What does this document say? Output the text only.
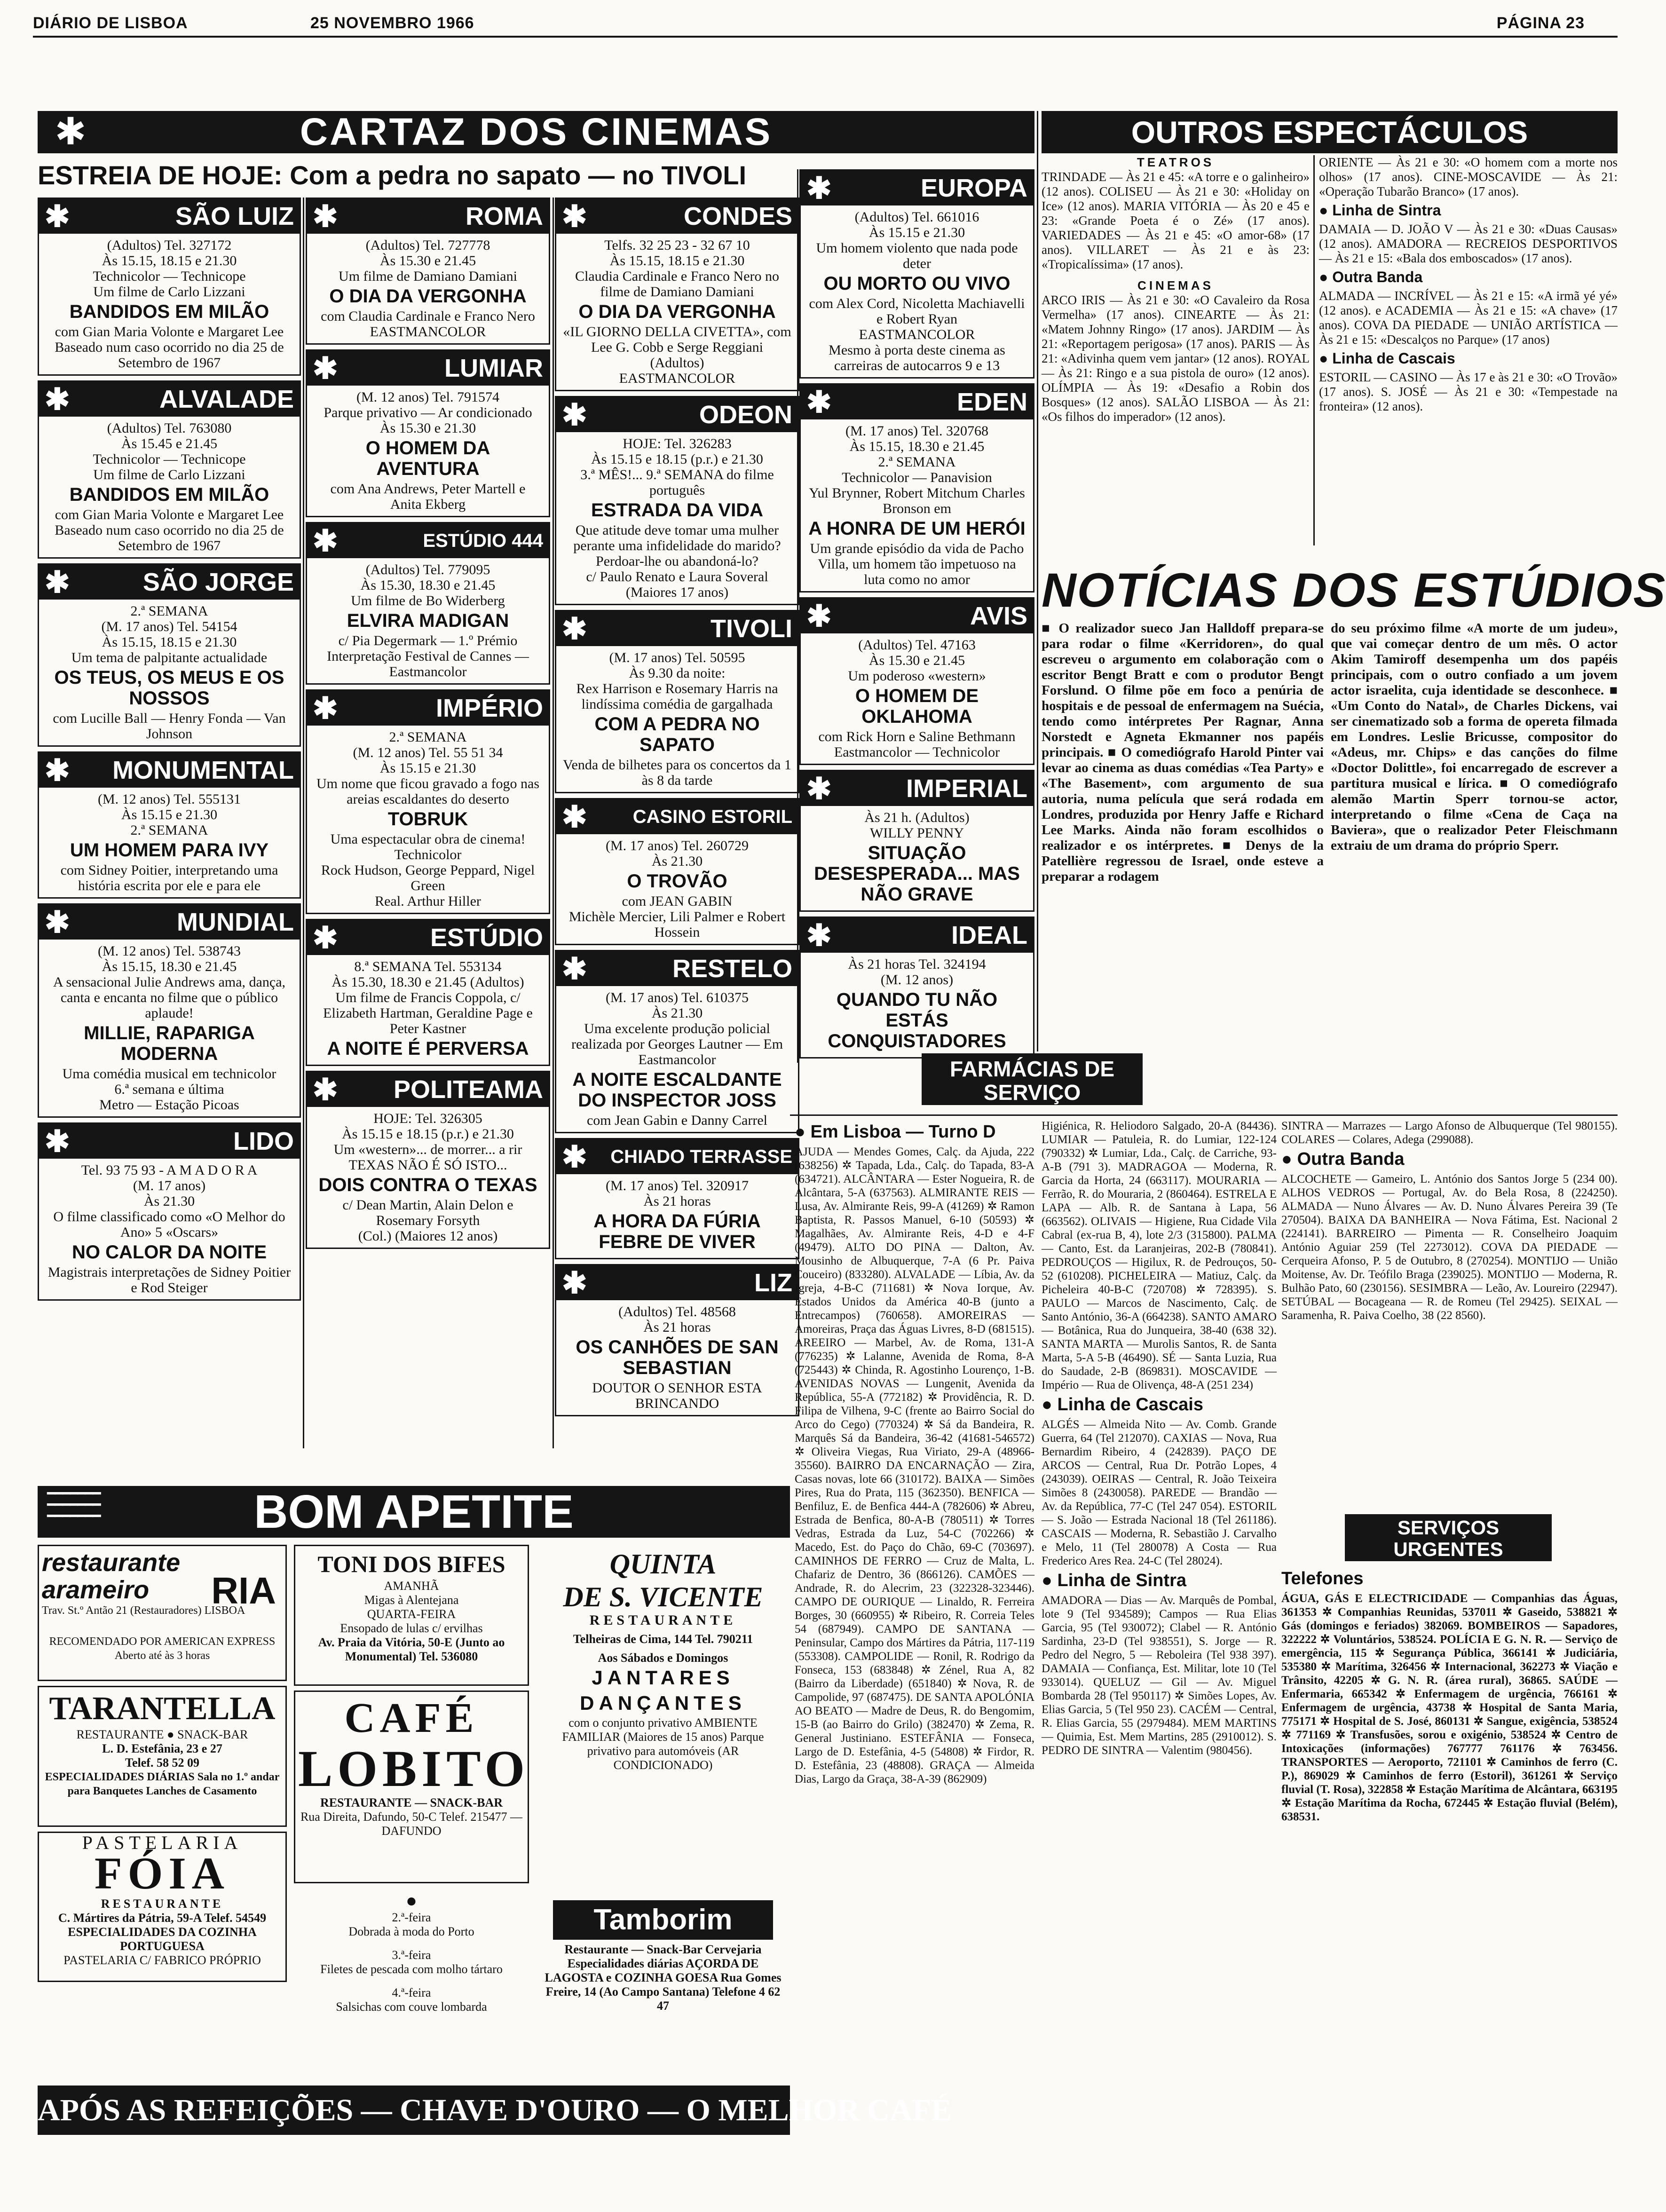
DIÁRIO DE LISBOA	25 NOVEMBRO 1966	PÁGINA 23
CARTAZ DOS CINEMAS
✱
ESTREIA DE HOJE: Com a pedra no sapato — no TIVOLI
✱	SÃO LUIZ
(Adultos) Tel. 327172
Às 15.15, 18.15 e 21.30
Technicolor — Technicope
Um filme de Carlo Lizzani
BANDIDOS EM MILÃO
com Gian Maria Volonte e Margaret Lee
Baseado num caso ocorrido no dia 25 de Setembro de 1967
✱	ALVALADE
(Adultos) Tel. 763080
Às 15.45 e 21.45
Technicolor — Technicope
Um filme de Carlo Lizzani
BANDIDOS EM MILÃO
com Gian Maria Volonte e Margaret Lee
Baseado num caso ocorrido no dia 25 de Setembro de 1967
✱	SÃO JORGE
2.ª SEMANA
(M. 17 anos) Tel. 54154
Às 15.15, 18.15 e 21.30
Um tema de palpitante actualidade
OS TEUS, OS MEUS E OS NOSSOS
com Lucille Ball — Henry Fonda — Van Johnson
✱ MONUMENTAL
(M. 12 anos) Tel. 555131
Às 15.15 e 21.30
2.ª SEMANA
UM HOMEM PARA IVY
com Sidney Poitier, interpretando uma história escrita por ele e para ele
✱	MUNDIAL
(M. 12 anos) Tel. 538743
Às 15.15, 18.30 e 21.45
A sensacional Julie Andrews ama, dança, canta e encanta no filme que o público aplaude!
MILLIE, RAPARIGA MODERNA
Uma comédia musical em technicolor
6.ª semana e última
Metro — Estação Picoas
✱	LIDO
Tel. 93 75 93 - A M A D O R A
(M. 17 anos)
Às 21.30
O filme classificado como «O Melhor do Ano» 5 «Oscars»
NO CALOR DA NOITE
Magistrais interpretações de Sidney Poitier e Rod Steiger
✱	ROMA
(Adultos) Tel. 727778
Às 15.30 e 21.45
Um filme de Damiano Damiani
O DIA DA VERGONHA
com Claudia Cardinale e Franco Nero
EASTMANCOLOR
✱	LUMIAR
(M. 12 anos) Tel. 791574
Parque privativo — Ar condicionado
Às 15.30 e 21.30
O HOMEM DA AVENTURA
com Ana Andrews, Peter Martell e Anita Ekberg
✱	ESTÚDIO 444
(Adultos) Tel. 779095
Às 15.30, 18.30 e 21.45
Um filme de Bo Widerberg
ELVIRA MADIGAN
c/ Pia Degermark — 1.º Prémio Interpretação Festival de Cannes — Eastmancolor
✱	IMPÉRIO
2.ª SEMANA
(M. 12 anos) Tel. 55 51 34
Às 15.15 e 21.30
Um nome que ficou gravado a fogo nas areias escaldantes do deserto
TOBRUK
Uma espectacular obra de cinema! Technicolor
Rock Hudson, George Peppard, Nigel Green
Real. Arthur Hiller
✱	ESTÚDIO
8.ª SEMANA Tel. 553134
Às 15.30, 18.30 e 21.45 (Adultos)
Um filme de Francis Coppola, c/ Elizabeth Hartman, Geraldine Page e Peter Kastner
A NOITE É PERVERSA
✱ POLITEAMA
HOJE: Tel. 326305
Às 15.15 e 18.15 (p.r.) e 21.30
Um «western»... de morrer... a rir
TEXAS NÃO É SÓ ISTO...
DOIS CONTRA O TEXAS
c/ Dean Martin, Alain Delon e Rosemary Forsyth
(Col.) (Maiores 12 anos)
✱	CONDES
Telfs. 32 25 23 - 32 67 10
Às 15.15, 18.15 e 21.30
Claudia Cardinale e Franco Nero no filme de Damiano Damiani
O DIA DA VERGONHA
«IL GIORNO DELLA CIVETTA», com Lee G. Cobb e Serge Reggiani (Adultos)
EASTMANCOLOR
✱	ODEON
HOJE: Tel. 326283
Às 15.15 e 18.15 (p.r.) e 21.30
3.ª MÊS!... 9.ª SEMANA do filme português
ESTRADA DA VIDA
Que atitude deve tomar uma mulher perante uma infidelidade do marido? Perdoar-lhe ou abandoná-lo?
c/ Paulo Renato e Laura Soveral (Maiores 17 anos)
✱	TIVOLI
(M. 17 anos) Tel. 50595
Às 9.30 da noite:
Rex Harrison e Rosemary Harris na lindíssima comédia de gargalhada
COM A PEDRA NO SAPATO
Venda de bilhetes para os concertos da 1 às 8 da tarde
✱ CASINO ESTORIL
(M. 17 anos) Tel. 260729
Às 21.30
O TROVÃO
com JEAN GABIN
Michèle Mercier, Lili Palmer e Robert Hossein
✱	RESTELO
(M. 17 anos) Tel. 610375
Às 21.30
Uma excelente produção policial realizada por Georges Lautner — Em Eastmancolor
A NOITE ESCALDANTE DO INSPECTOR JOSS
com Jean Gabin e Danny Carrel
✱ CHIADO TERRASSE
(M. 17 anos) Tel. 320917
Às 21 horas
A HORA DA FÚRIA FEBRE DE VIVER
✱	LIZ
(Adultos) Tel. 48568
Às 21 horas
OS CANHÕES DE SAN SEBASTIAN
DOUTOR O SENHOR ESTA BRINCANDO
✱	EUROPA
(Adultos) Tel. 661016
Às 15.15 e 21.30
Um homem violento que nada pode deter
OU MORTO OU VIVO
com Alex Cord, Nicoletta Machiavelli e Robert Ryan
EASTMANCOLOR
Mesmo à porta deste cinema as carreiras de autocarros 9 e 13
✱	EDEN
(M. 17 anos) Tel. 320768
Às 15.15, 18.30 e 21.45
2.ª SEMANA
Technicolor — Panavision
Yul Brynner, Robert Mitchum Charles Bronson em
A HONRA DE UM HERÓI
Um grande episódio da vida de Pacho Villa, um homem tão impetuoso na luta como no amor
✱	AVIS
(Adultos) Tel. 47163
Às 15.30 e 21.45
Um poderoso «western»
O HOMEM DE OKLAHOMA
com Rick Horn e Saline Bethmann
Eastmancolor — Technicolor
✱	IMPERIAL
Às 21 h. (Adultos)
WILLY PENNY
SITUAÇÃO DESESPERADA... MAS NÃO GRAVE
✱	IDEAL
Às 21 horas Tel. 324194
(M. 12 anos)
QUANDO TU NÃO ESTÁS CONQUISTADORES
OUTROS ESPECTÁCULOS
TEATROS
TRINDADE — Às 21 e 45: «A torre e o galinheiro» (12 anos). COLISEU — Às 21 e 30: «Holiday on Ice» (12 anos). MARIA VITÓRIA — Às 20 e 45 e 23: «Grande Poeta é o Zé» (17 anos). VARIEDADES — Às 21 e 45: «O amor-68» (17 anos). VILLARET — Às 21 e às 23: «Tropicalíssima» (17 anos).
CINEMAS
ARCO IRIS — Às 21 e 30: «O Cavaleiro da Rosa Vermelha» (17 anos). CINEARTE — Às 21: «Matem Johnny Ringo» (17 anos). JARDIM — Às 21: «Reportagem perigosa» (17 anos). PARIS — Às 21: «Adivinha quem vem jantar» (12 anos). ROYAL — Às 21: Ringo e a sua pistola de ouro» (12 anos). OLÍMPIA — Às 19: «Desafio a Robin dos Bosques» (12 anos). SALÃO LISBOA — Às 21: «Os filhos do imperador» (12 anos).
ORIENTE — Às 21 e 30: «O homem com a morte nos olhos» (17 anos). CINE-MOSCAVIDE — Às 21: «Operação Tubarão Branco» (17 anos).
● Linha de Sintra
DAMAIA — D. JOÃO V — Às 21 e 30: «Duas Causas» (12 anos). AMADORA — RECREIOS DESPORTIVOS — Às 21 e 15: «Bala dos emboscados» (17 anos).
● Outra Banda
ALMADA — INCRÍVEL — Às 21 e 15: «A irmã yé yé» (12 anos). e ACADEMIA — Às 21 e 15: «A chave» (17 anos). COVA DA PIEDADE — UNIÃO ARTÍSTICA — Às 21 e 15: «Descalços no Parque» (17 anos)
● Linha de Cascais
ESTORIL — CASINO — Às 17 e às 21 e 30: «O Trovão» (17 anos). S. JOSÉ — Às 21 e 30: «Tempestade na fronteira» (12 anos).
NOTÍCIAS DOS ESTÚDIOS
■ O realizador sueco Jan Halldoff prepara-se para rodar o filme «Kerridoren», do qual escreveu o argumento em colaboração com o escritor Bengt Bratt e com o produtor Bengt Forslund. O filme põe em foco a penúria de hospitais e de pessoal de enfermagem na Suécia, tendo como intérpretes Per Ragnar, Anna Norstedt e Agneta Ekmanner nos papéis principais. ■ O comediógrafo Harold Pinter vai levar ao cinema as duas comédias «Tea Party» e «The Basement», com argumento de sua autoria, numa película que será rodada em Londres, produzida por Henry Jaffe e Richard Lee Marks. Ainda não foram escolhidos o realizador e os intérpretes. ■ Denys de la Patellière regressou de Israel, onde esteve a preparar a rodagem
do seu próximo filme «A morte de um judeu», que vai começar dentro de um mês. O actor Akim Tamiroff desempenha um dos papéis principais, com o outro confiado a um jovem actor israelita, cuja identidade se desconhece. ■ «Um Conto do Natal», de Charles Dickens, vai ser cinematizado sob a forma de opereta filmada em Londres. Leslie Bricusse, compositor do «Adeus, mr. Chips» e das canções do filme «Doctor Dolittle», foi encarregado de escrever a partitura musical e lírica. ■ O comediógrafo alemão Martin Sperr tornou-se actor, interpretando o filme «Cena de Caça na Baviera», que o realizador Peter Fleischmann extraiu de um drama do próprio Sperr.
FARMÁCIAS DE SERVIÇO
● Em Lisboa — Turno D
AJUDA — Mendes Gomes, Calç. da Ajuda, 222 (638256) ✲ Tapada, Lda., Calç. do Tapada, 83-A (634721). ALCÂNTARA — Ester Nogueira, R. de Alcântara, 5-A (637563). ALMIRANTE REIS — Lusa, Av. Almirante Reis, 99-A (41269) ✲ Ramon Baptista, R. Passos Manuel, 6-10 (50593) ✲ Magalhães, Av. Almirante Reis, 4-D e 4-F (49479). ALTO DO PINA — Dalton, Av. Mousinho de Albuquerque, 7-A (6 Pr. Paiva Couceiro) (833280). ALVALADE — Líbia, Av. da Igreja, 4-B-C (711681) ✲ Nova Iorque, Av. Estados Unidos da América 40-B (junto a Entrecampos) (760658). AMOREIRAS — Amoreiras, Praça das Águas Livres, 8-D (681515). AREEIRO — Marbel, Av. de Roma, 131-A (776235) ✲ Lalanne, Avenida de Roma, 8-A (725443) ✲ Chinda, R. Agostinho Lourenço, 1-B. AVENIDAS NOVAS — Lungenit, Avenida da República, 55-A (772182) ✲ Providência, R. D. Filipa de Vilhena, 9-C (frente ao Bairro Social do Arco do Cego) (770324) ✲ Sá da Bandeira, R. Marquês Sá da Bandeira, 36-42 (41681-546572) ✲ Oliveira Viegas, Rua Viriato, 29-A (48966-35560). BAIRRO DA ENCARNAÇÃO — Zira, Casas novas, lote 66 (310172). BAIXA — Simões Pires, Rua do Prata, 115 (362350). BENFICA — Benfiluz, E. de Benfica 444-A (782606) ✲ Abreu, Estrada de Benfica, 80-A-B (780511) ✲ Torres Vedras, Estrada da Luz, 54-C (702266) ✲ Macedo, Est. do Paço do Chão, 69-C (703697). CAMINHOS DE FERRO — Cruz de Malta, L. Chafariz de Dentro, 36 (866126). CAMÕES — Andrade, R. do Alecrim, 23 (322328-323446). CAMPO DE OURIQUE — Linaldo, R. Ferreira Borges, 30 (660955) ✲ Ribeiro, R. Correia Teles 54 (687949). CAMPO DE SANTANA — Peninsular, Campo dos Mártires da Pátria, 117-119 (553308). CAMPOLIDE — Ronil, R. Rodrigo da Fonseca, 153 (683848) ✲ Zénel, Rua A, 82 (Bairro da Liberdade) (651840) ✲ Nova, R. de Campolide, 97 (687475). DE SANTA APOLÓNIA AO BEATO — Madre de Deus, R. do Bengomim, 15-B (ao Bairro do Grilo) (382470) ✲ Zema, R. General Justiniano. ESTEFÂNIA — Fonseca, Largo de D. Estefânia, 4-5 (54808) ✲ Firdor, R. D. Estefânia, 23 (48808). GRAÇA — Almeida Dias, Largo da Graça, 38-A-39 (862909)
Higiénica, R. Heliodoro Salgado, 20-A (84436). LUMIAR — Patuleia, R. do Lumiar, 122-124 (790332) ✲ Lumiar, Lda., Calç. de Carriche, 93-A-B (791 3). MADRAGOA — Moderna, R. Garcia da Horta, 24 (663117). MOURARIA — Ferrão, R. do Mouraria, 2 (860464). ESTRELA E LAPA — Alb. R. de Santana à Lapa, 56 (663562). OLIVAIS — Higiene, Rua Cidade Vila Cabral (ex-rua B, 4), lote 2/3 (315800). PALMA — Canto, Est. da Laranjeiras, 202-B (780841). PEDROUÇOS — Higilux, R. de Pedrouços, 50-52 (610208). PICHELEIRA — Matiuz, Calç. da Picheleira 40-B-C (720708) ✲ 728395). S. PAULO — Marcos de Nascimento, Calç. de Santo António, 36-A (664238). SANTO AMARO — Botânica, Rua do Junqueira, 38-40 (638 32). SANTA MARTA — Murolis Santos, R. de Santa Marta, 5-A 5-B (46490). SÉ — Santa Luzia, Rua do Saudade, 2-B (869831). MOSCAVIDE — Império — Rua de Olivença, 48-A (251 234)
● Linha de Cascais
ALGÉS — Almeida Nito — Av. Comb. Grande Guerra, 64 (Tel 212070). CAXIAS — Nova, Rua Bernardim Ribeiro, 4 (242839). PAÇO DE ARCOS — Central, Rua Dr. Potrão Lopes, 4 (243039). OEIRAS — Central, R. João Teixeira Simões 8 (2430058). PAREDE — Brandão — Av. da República, 77-C (Tel 247 054). ESTORIL — S. João — Estrada Nacional 18 (Tel 261186). CASCAIS — Moderna, R. Sebastião J. Carvalho e Melo, 11 (Tel 280078) A Costa — Rua Frederico Ares Rea. 24-C (Tel 28024).
● Linha de Sintra
AMADORA — Dias — Av. Marquês de Pombal, lote 9 (Tel 934589); Campos — Rua Elias Garcia, 95 (Tel 930072); Clabel — R. António Sardinha, 23-D (Tel 938551), S. Jorge — R. Pedro del Negro, 5 — Reboleira (Tel 938 397). DAMAIA — Confiança, Est. Militar, lote 10 (Tel 933014). QUELUZ — Gil — Av. Miguel Bombarda 28 (Tel 950117) ✲ Simões Lopes, Av. Elias Garcia, 5 (Tel 950 23). CACÉM — Central, R. Elias Garcia, 55 (2979484). MEM MARTINS — Quimia, Est. Mem Martins, 285 (2910012). S. PEDRO DE SINTRA — Valentim (980456).
SINTRA — Marrazes — Largo Afonso de Albuquerque (Tel 980155). COLARES — Colares, Adega (299088).
● Outra Banda
ALCOCHETE — Gameiro, L. António dos Santos Jorge 5 (234 00). ALHOS VEDROS — Portugal, Av. do Bela Rosa, 8 (224250). ALMADA — Nuno Álvares — Av. D. Nuno Álvares Pereira 39 (Te 270504). BAIXA DA BANHEIRA — Nova Fátima, Est. Nacional 2 (224141). BARREIRO — Pimenta — R. Conselheiro Joaquim António Aguiar 259 (Tel 2273012). COVA DA PIEDADE — Cerqueira Afonso, P. 5 de Outubro, 8 (270254). MONTIJO — União Moitense, Av. Dr. Teófilo Braga (239025). MONTIJO — Moderna, R. Bulhão Pato, 60 (230156). SESIMBRA — Leão, Av. Loureiro (22947). SETÚBAL — Bocageana — R. de Romeu (Tel 29425). SEIXAL — Saramenha, R. Paiva Coelho, 38 (22 8560).
SERVIÇOS URGENTES
Telefones
ÁGUA, GÁS E ELECTRICIDADE — Companhias das Águas, 361353 ✲ Companhias Reunidas, 537011 ✲ Gaseido, 538821 ✲ Gás (domingos e feriados) 382069. BOMBEIROS — Sapadores, 322222 ✲ Voluntários, 538524. POLÍCIA E G. N. R. — Serviço de emergência, 115 ✲ Segurança Pública, 366141 ✲ Judiciária, 535380 ✲ Marítima, 326456 ✲ Internacional, 362273 ✲ Viação e Trânsito, 42205 ✲ G. N. R. (área rural), 36865. SAÚDE — Enfermaria, 665342 ✲ Enfermagem de urgência, 766161 ✲ Enfermagem de urgência, 43738 ✲ Hospital de Santa Maria, 775171 ✲ Hospital de S. José, 860131 ✲ Sangue, exigência, 538524 ✲ 771169 ✲ Transfusões, sorou e oxigénio, 538524 ✲ Centro de Intoxicações (informações) 767777 761176 ✲ 763456. TRANSPORTES — Aeroporto, 721101 ✲ Caminhos de ferro (C. P.), 869029 ✲ Caminhos de ferro (Estoril), 361261 ✲ Serviço fluvial (T. Rosa), 322858 ✲ Estação Marítima de Alcântara, 663195 ✲ Estação Marítima da Rocha, 672445 ✲ Estação fluvial (Belém), 638531.
BOM APETITE
━━━━━━━
━━━━━━━
━━━━━━━
restaurante arameiro
Trav. St.º Antão 21 (Restauradores) LISBOA
RIA
RECOMENDADO POR AMERICAN EXPRESS
Aberto até às 3 horas
TARANTELLA
RESTAURANTE ● SNACK-BAR
L. D. Estefânia, 23 e 27
Telef. 58 52 09
ESPECIALIDADES DIÁRIAS Sala no 1.º andar para Banquetes Lanches de Casamento
PASTELARIA
FÓIA
RESTAURANTE
C. Mártires da Pátria, 59-A Telef. 54549
ESPECIALIDADES DA COZINHA PORTUGUESA
PASTELARIA C/ FABRICO PRÓPRIO
TONI DOS BIFES
AMANHÃ
Migas à Alentejana
QUARTA-FEIRA
Ensopado de lulas c/ ervilhas
Av. Praia da Vitória, 50-E (Junto ao Monumental) Tel. 536080
CAFÉ
LOBITO
RESTAURANTE — SNACK-BAR
Rua Direita, Dafundo, 50-C Telef. 215477 — DAFUNDO
●
2.ª-feira
Dobrada à moda do Porto
3.ª-feira
Filetes de pescada com molho tártaro
4.ª-feira
Salsichas com couve lombarda
QUINTA
DE S. VICENTE
RESTAURANTE
Telheiras de Cima, 144 Tel. 790211
Aos Sábados e Domingos
JANTARES DANÇANTES
com o conjunto privativo AMBIENTE FAMILIAR (Maiores de 15 anos) Parque privativo para automóveis (AR CONDICIONADO)
Tamborim
Restaurante — Snack-Bar Cervejaria
Especialidades diárias AÇORDA DE LAGOSTA e COZINHA GOESA Rua Gomes Freire, 14 (Ao Campo Santana) Telefone 4 62 47
APÓS AS REFEIÇÕES — CHAVE D'OURO — O MELHOR CAFÉ
